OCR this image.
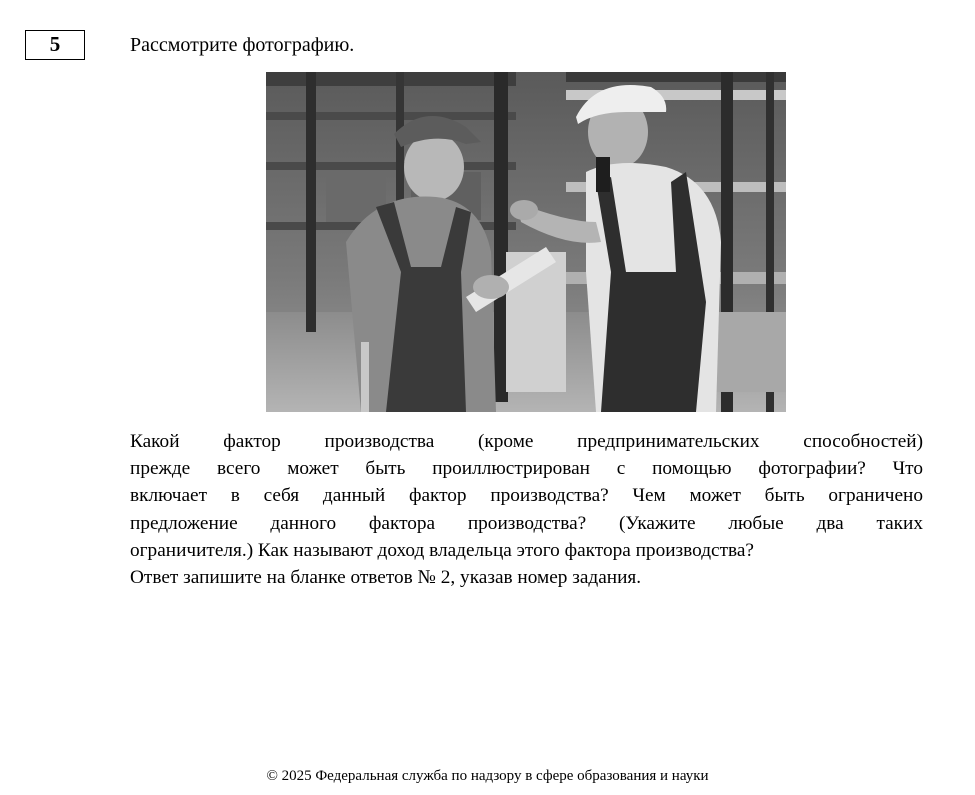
5	Рассмотрите фотографию.
Какой фактор производства (кроме предпринимательских способностей)
прежде всего может быть проиллюстрирован с помощью фотографии? Что
включает в себя данный фактор производства? Чем может быть ограничено
предложение данного фактора производства? (Укажите любые два таких
ограничителя.) Как называют доход владельца этого фактора производства?
Ответ запишите на бланке ответов № 2, указав номер задания.
© 2025 Федеральная служба по надзору в сфере образования и науки
